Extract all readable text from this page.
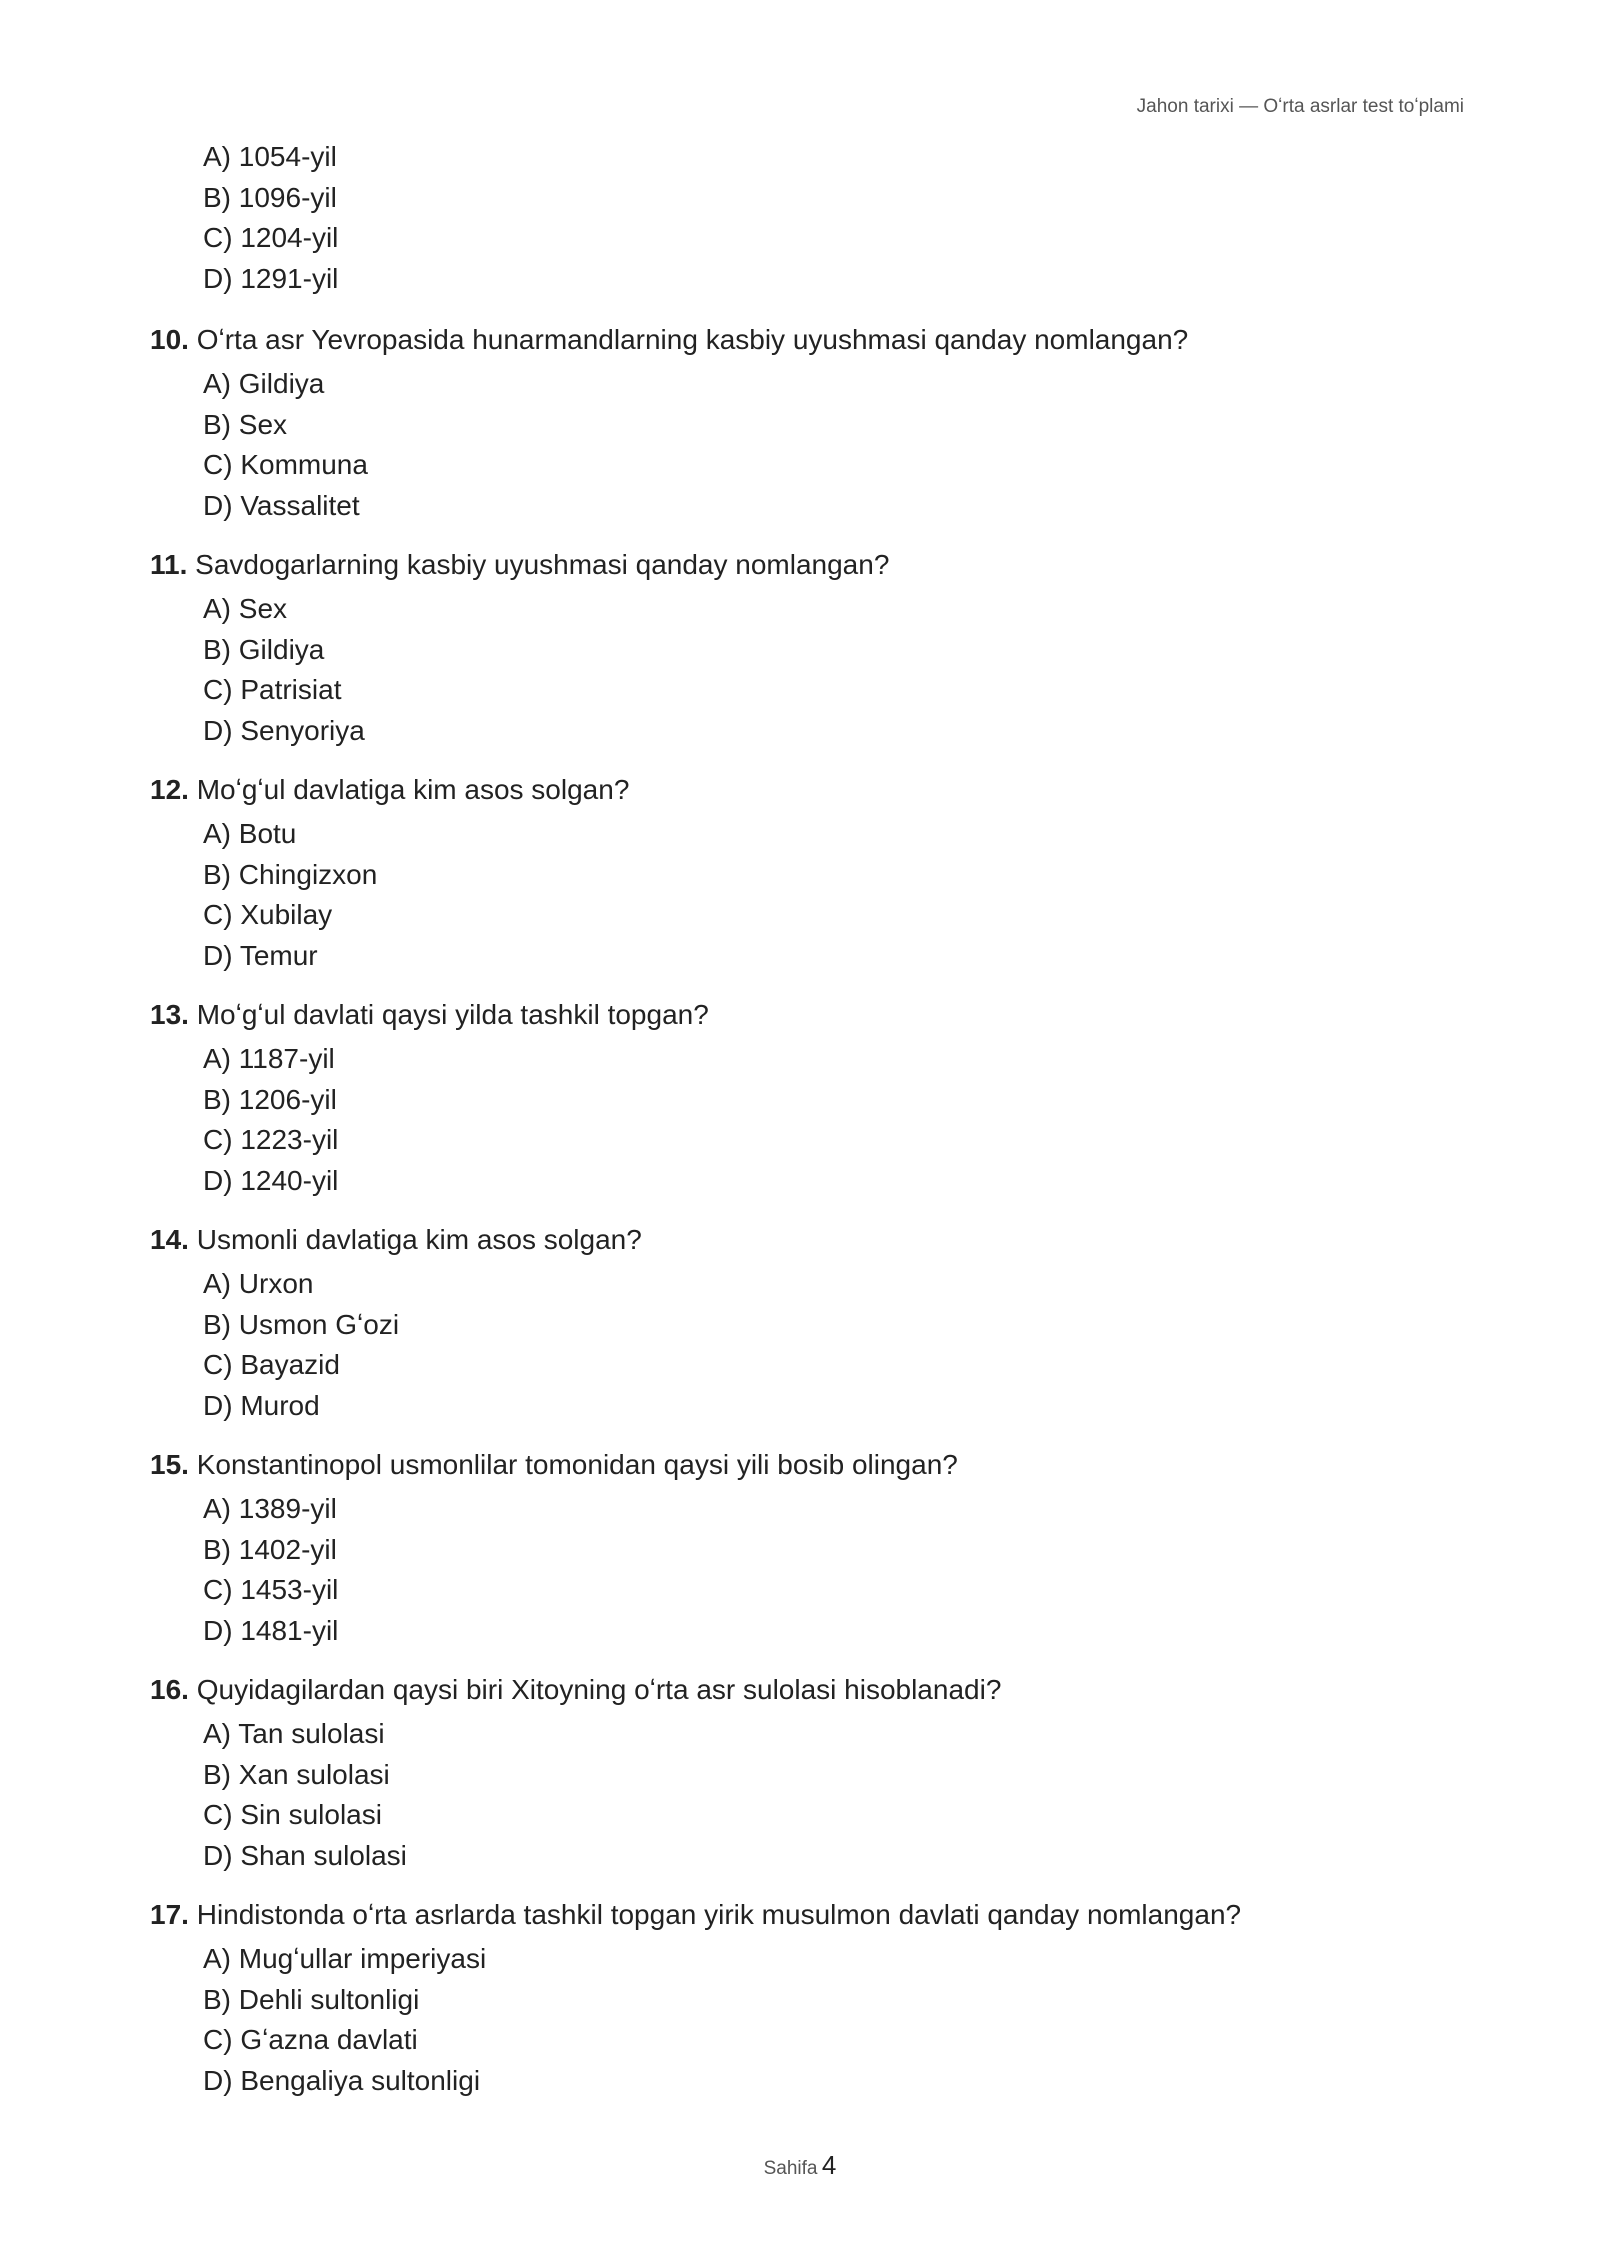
Jahon tarixi — Oʻrta asrlar test toʻplami
A) 1054-yil
B) 1096-yil
C) 1204-yil
D) 1291-yil
10. Oʻrta asr Yevropasida hunarmandlarning kasbiy uyushmasi qanday nomlangan?
A) Gildiya
B) Sex
C) Kommuna
D) Vassalitet
11. Savdogarlarning kasbiy uyushmasi qanday nomlangan?
A) Sex
B) Gildiya
C) Patrisiat
D) Senyoriya
12. Moʻgʻul davlatiga kim asos solgan?
A) Botu
B) Chingizxon
C) Xubilay
D) Temur
13. Moʻgʻul davlati qaysi yilda tashkil topgan?
A) 1187-yil
B) 1206-yil
C) 1223-yil
D) 1240-yil
14. Usmonli davlatiga kim asos solgan?
A) Urxon
B) Usmon Gʻozi
C) Bayazid
D) Murod
15. Konstantinopol usmonlilar tomonidan qaysi yili bosib olingan?
A) 1389-yil
B) 1402-yil
C) 1453-yil
D) 1481-yil
16. Quyidagilardan qaysi biri Xitoyning oʻrta asr sulolasi hisoblanadi?
A) Tan sulolasi
B) Xan sulolasi
C) Sin sulolasi
D) Shan sulolasi
17. Hindistonda oʻrta asrlarda tashkil topgan yirik musulmon davlati qanday nomlangan?
A) Mugʻullar imperiyasi
B) Dehli sultonligi
C) Gʻazna davlati
D) Bengaliya sultonligi
Sahifa 4
